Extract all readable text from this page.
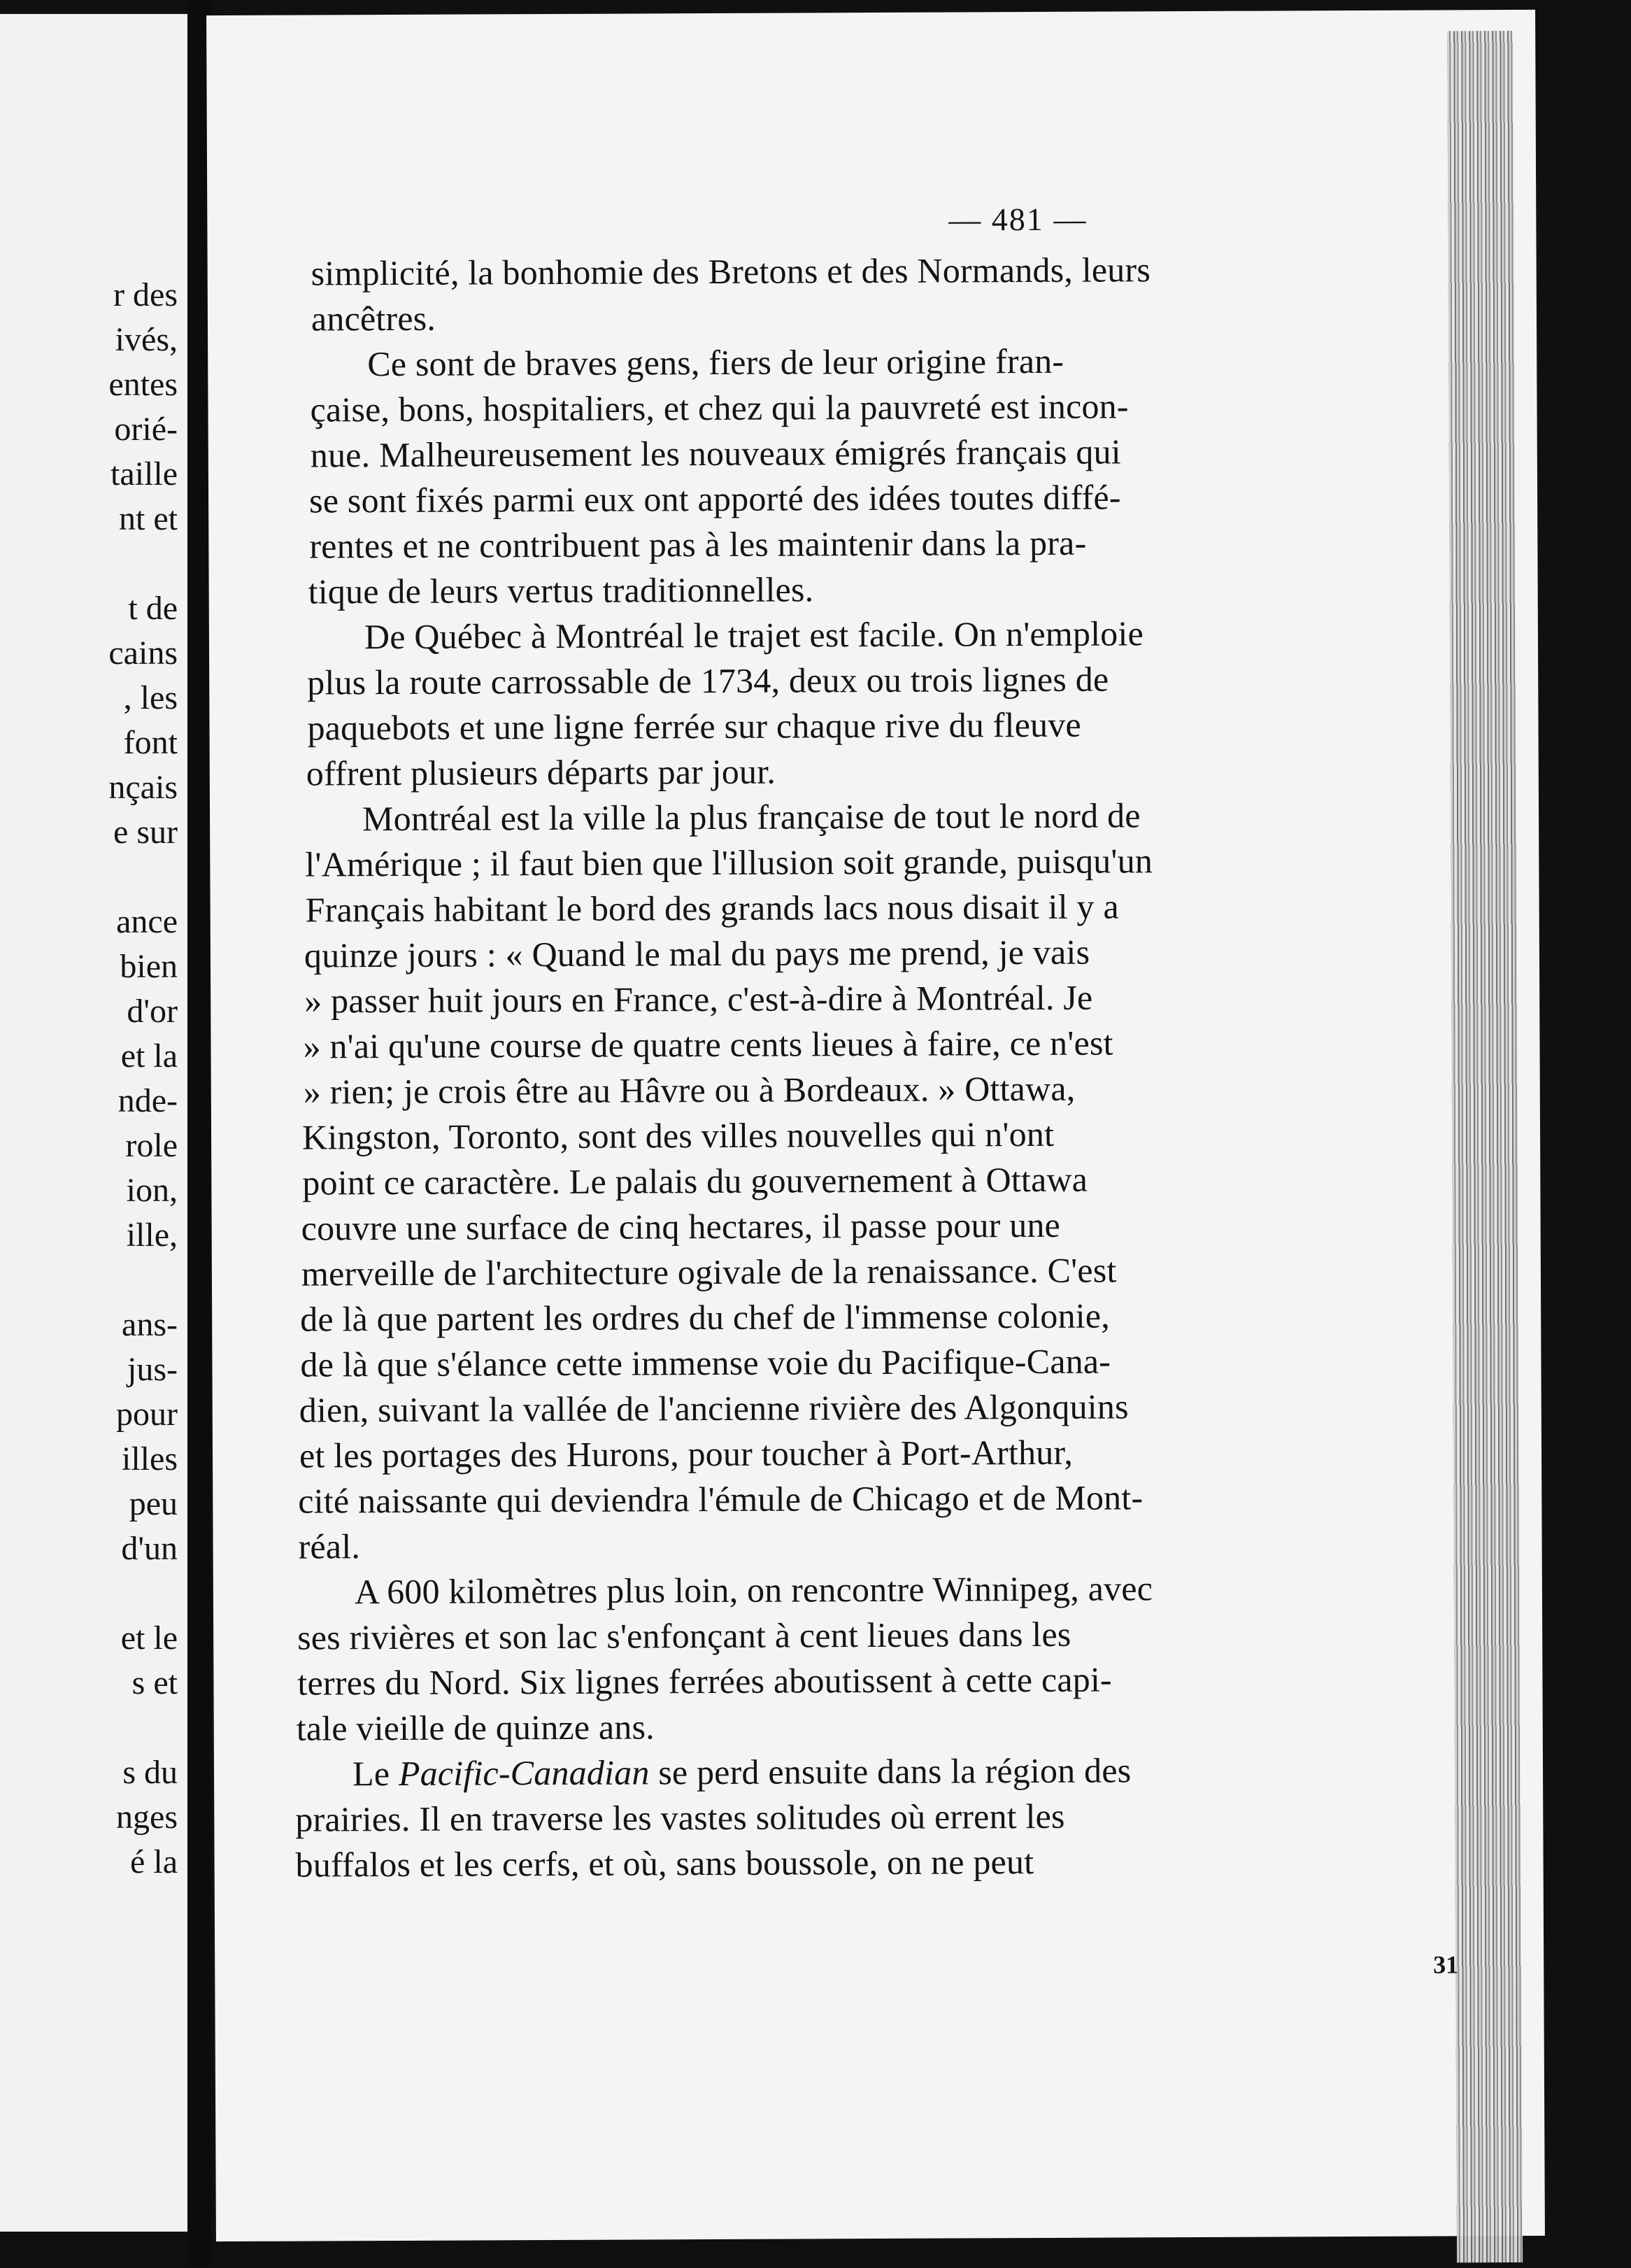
r des

ivés,

entes

orié-

taille

nt et

t de

cains

, les

font

nçais

e sur

ance

bien

d'or

et la

nde-

role

ion,

ille,

ans-

jus-

pour

illes

peu

d'un

et le

s et

s du

nges

é la

— 481 —

simplicité, la bonhomie des Bretons et des Normands, leurs

ancêtres.

Ce sont de braves gens, fiers de leur origine fran-

çaise, bons, hospitaliers, et chez qui la pauvreté est incon-

nue. Malheureusement les nouveaux émigrés français qui

se sont fixés parmi eux ont apporté des idées toutes diffé-

rentes et ne contribuent pas à les maintenir dans la pra-

tique de leurs vertus traditionnelles.

De Québec à Montréal le trajet est facile. On n'emploie

plus la route carrossable de 1734, deux ou trois lignes de

paquebots et une ligne ferrée sur chaque rive du fleuve

offrent plusieurs départs par jour.

Montréal est la ville la plus française de tout le nord de

l'Amérique ; il faut bien que l'illusion soit grande, puisqu'un

Français habitant le bord des grands lacs nous disait il y a

quinze jours : « Quand le mal du pays me prend, je vais

» passer huit jours en France, c'est-à-dire à Montréal. Je

» n'ai qu'une course de quatre cents lieues à faire, ce n'est

» rien; je crois être au Hâvre ou à Bordeaux. » Ottawa,

Kingston, Toronto, sont des villes nouvelles qui n'ont

point ce caractère. Le palais du gouvernement à Ottawa

couvre une surface de cinq hectares, il passe pour une

merveille de l'architecture ogivale de la renaissance. C'est

de là que partent les ordres du chef de l'immense colonie,

de là que s'élance cette immense voie du Pacifique-Cana-

dien, suivant la vallée de l'ancienne rivière des Algonquins

et les portages des Hurons, pour toucher à Port-Arthur,

cité naissante qui deviendra l'émule de Chicago et de Mont-

réal.

A 600 kilomètres plus loin, on rencontre Winnipeg, avec

ses rivières et son lac s'enfonçant à cent lieues dans les

terres du Nord. Six lignes ferrées aboutissent à cette capi-

tale vieille de quinze ans.

Le Pacific-Canadian se perd ensuite dans la région des

prairies. Il en traverse les vastes solitudes où errent les

buffalos et les cerfs, et où, sans boussole, on ne peut

31
